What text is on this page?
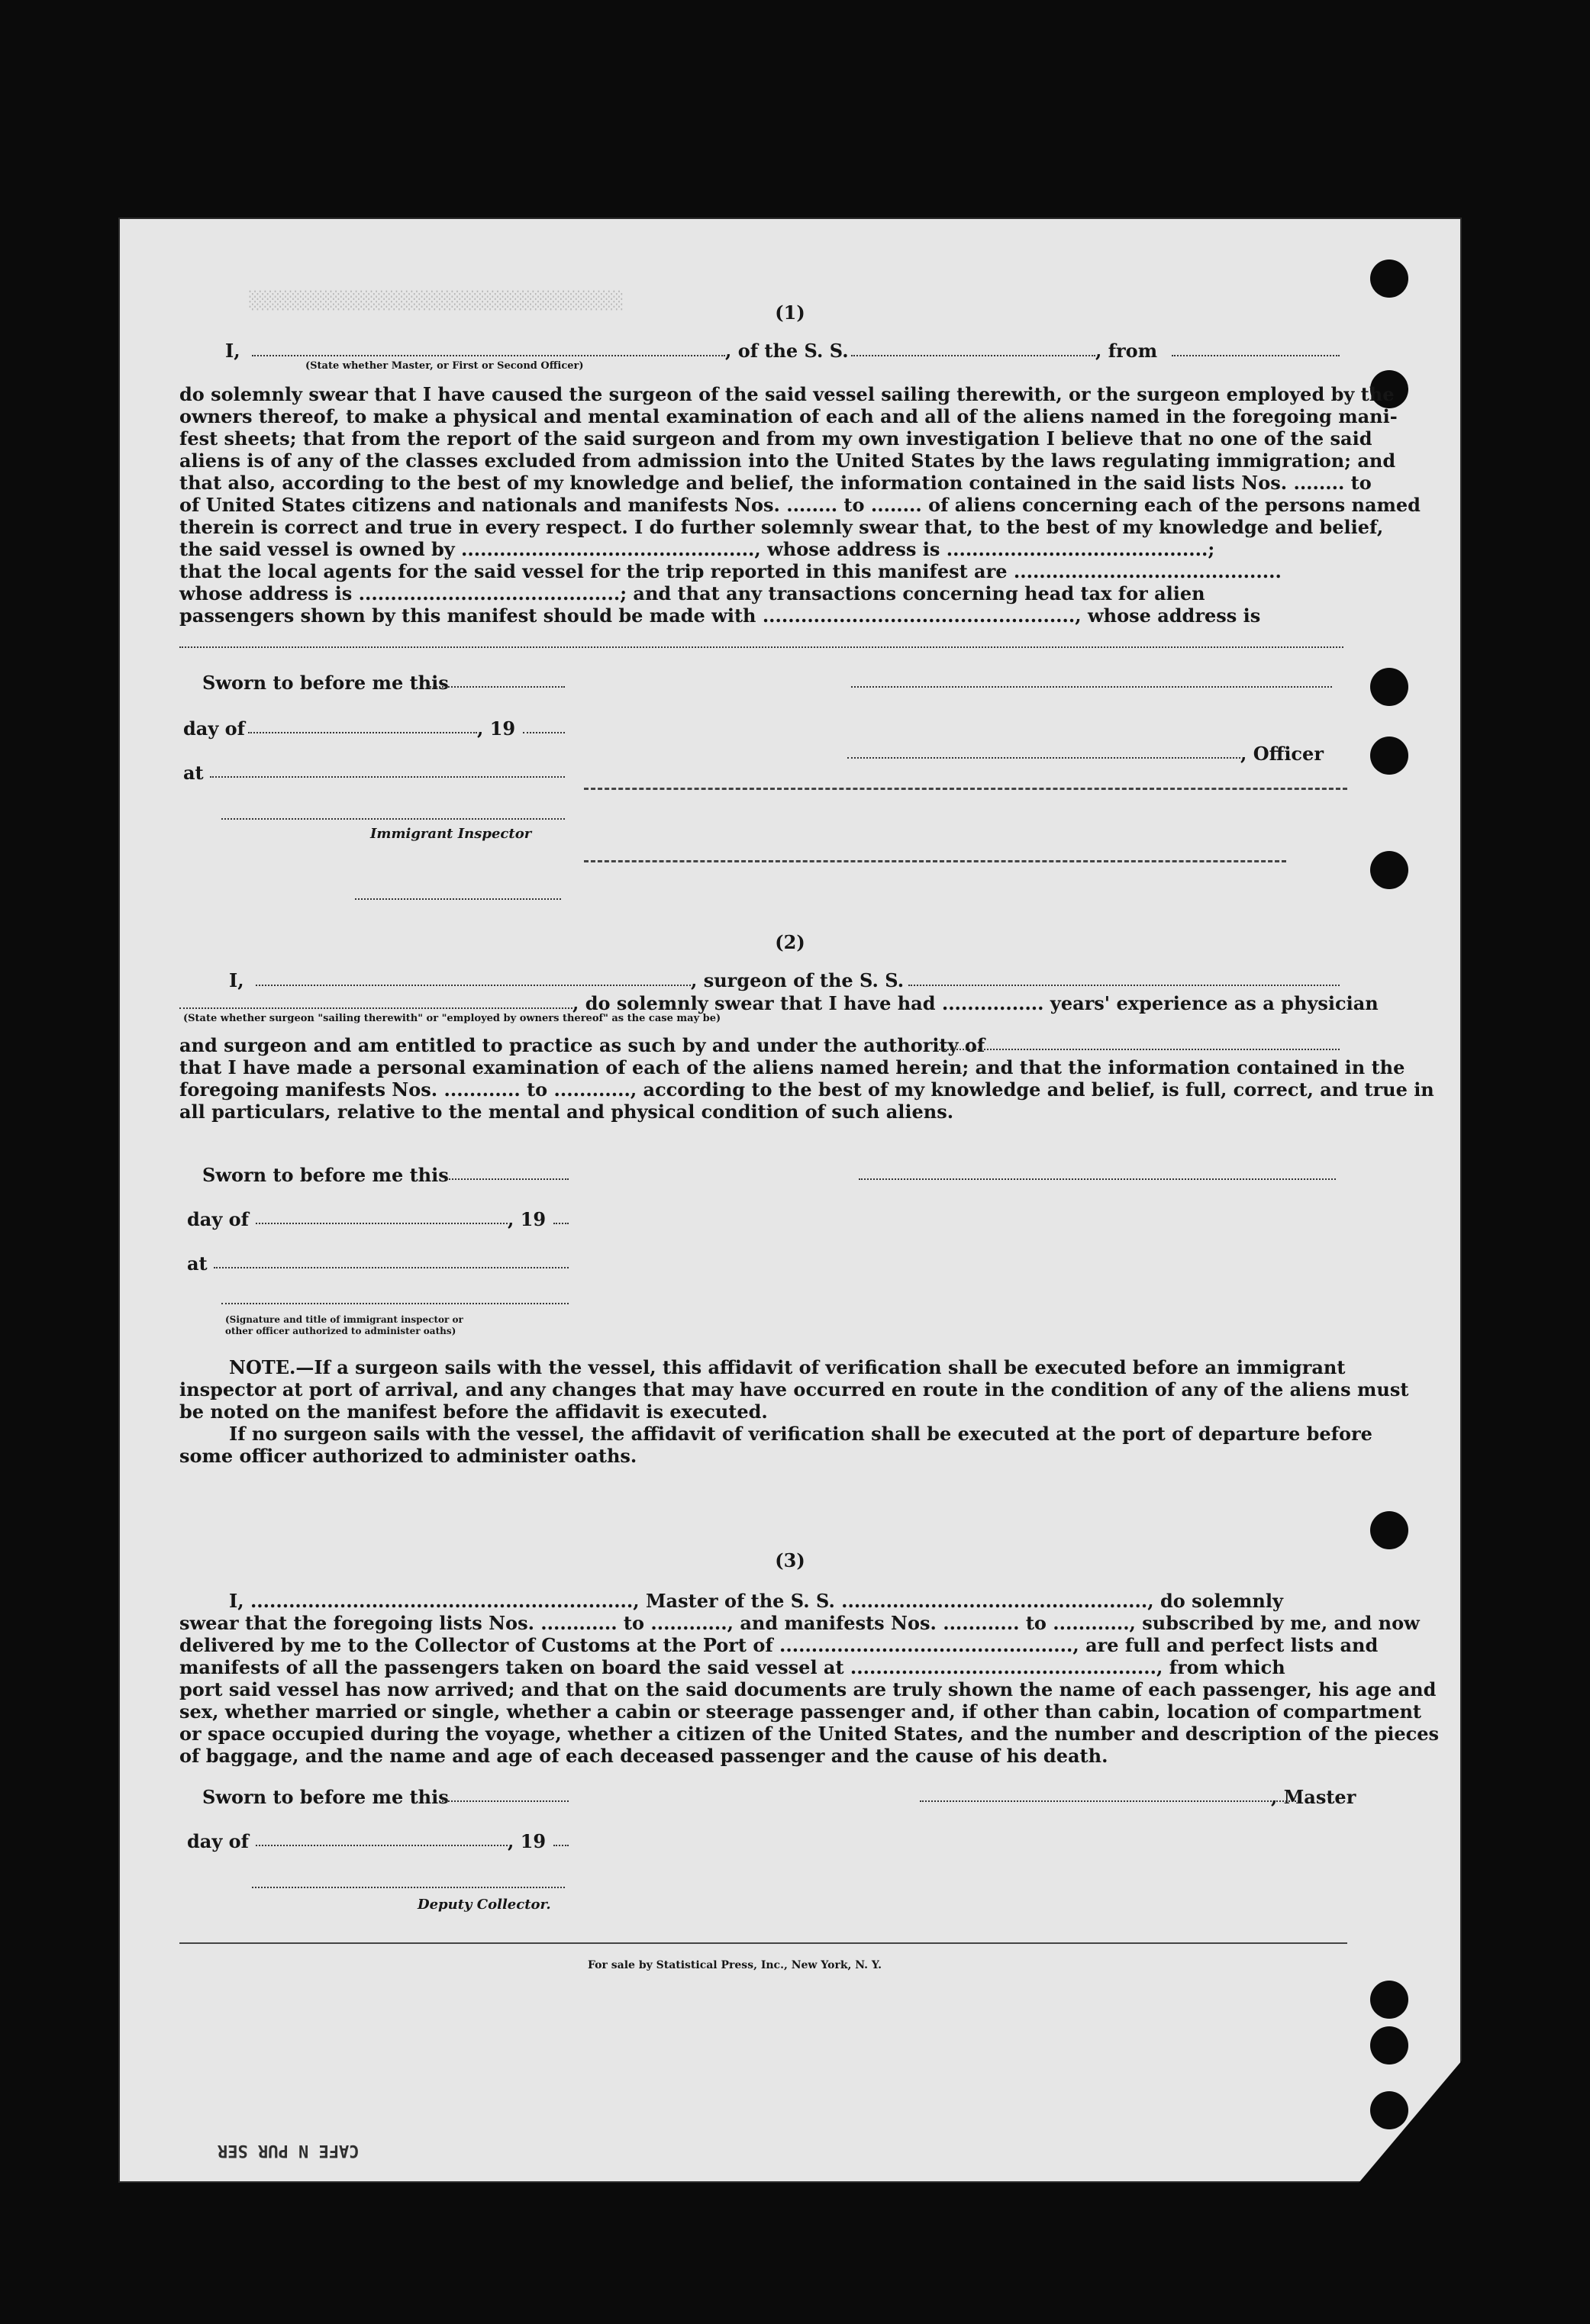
░░░░░░░░░░░░░░░░░░░░░░░░░░░░░░░░░░░░░
(1)
I,	, of the S. S.	, from
(State whether Master, or First or Second Officer)
do solemnly swear that I have caused the surgeon of the said vessel sailing therewith, or the surgeon employed by the
owners thereof, to make a physical and mental examination of each and all of the aliens named in the foregoing mani-
fest sheets; that from the report of the said surgeon and from my own investigation I believe that no one of the said
aliens is of any of the classes excluded from admission into the United States by the laws regulating immigration; and
that also, according to the best of my knowledge and belief, the information contained in the said lists Nos. ........ to
of United States citizens and nationals and manifests Nos. ........ to ........ of aliens concerning each of the persons named
therein is correct and true in every respect. I do further solemnly swear that, to the best of my knowledge and belief,
the said vessel is owned by .............................................., whose address is .........................................;
that the local agents for the said vessel for the trip reported in this manifest are ..........................................
whose address is .........................................; and that any transactions concerning head tax for alien
passengers shown by this manifest should be made with ................................................., whose address is
Sworn to before me this
day of	, 19
, Officer
at
Immigrant Inspector
(2)
I,	, surgeon of the S. S.
, do solemnly swear that I have had ................ years' experience as a physician
(State whether surgeon "sailing therewith" or "employed by owners thereof" as the case may be)
and surgeon and am entitled to practice as such by and under the authority of
that I have made a personal examination of each of the aliens named herein; and that the information contained in the
foregoing manifests Nos. ............ to ............, according to the best of my knowledge and belief, is full, correct, and true in
all particulars, relative to the mental and physical condition of such aliens.
Sworn to before me this
day of	, 19
at
(Signature and title of immigrant inspector or
other officer authorized to administer oaths)
NOTE.—If a surgeon sails with the vessel, this affidavit of verification shall be executed before an immigrant
inspector at port of arrival, and any changes that may have occurred en route in the condition of any of the aliens must
be noted on the manifest before the affidavit is executed.
If no surgeon sails with the vessel, the affidavit of verification shall be executed at the port of departure before
some officer authorized to administer oaths.
(3)
I, ............................................................, Master of the S. S. ................................................, do solemnly
swear that the foregoing lists Nos. ............ to ............, and manifests Nos. ............ to ............, subscribed by me, and now
delivered by me to the Collector of Customs at the Port of .............................................., are full and perfect lists and
manifests of all the passengers taken on board the said vessel at ................................................, from which
port said vessel has now arrived; and that on the said documents are truly shown the name of each passenger, his age and
sex, whether married or single, whether a cabin or steerage passenger and, if other than cabin, location of compartment
or space occupied during the voyage, whether a citizen of the United States, and the number and description of the pieces
of baggage, and the name and age of each deceased passenger and the cause of his death.
Sworn to before me this	, Master
day of	, 19
Deputy Collector.
For sale by Statistical Press, Inc., New York, N. Y.
CAFE N PUR SER
